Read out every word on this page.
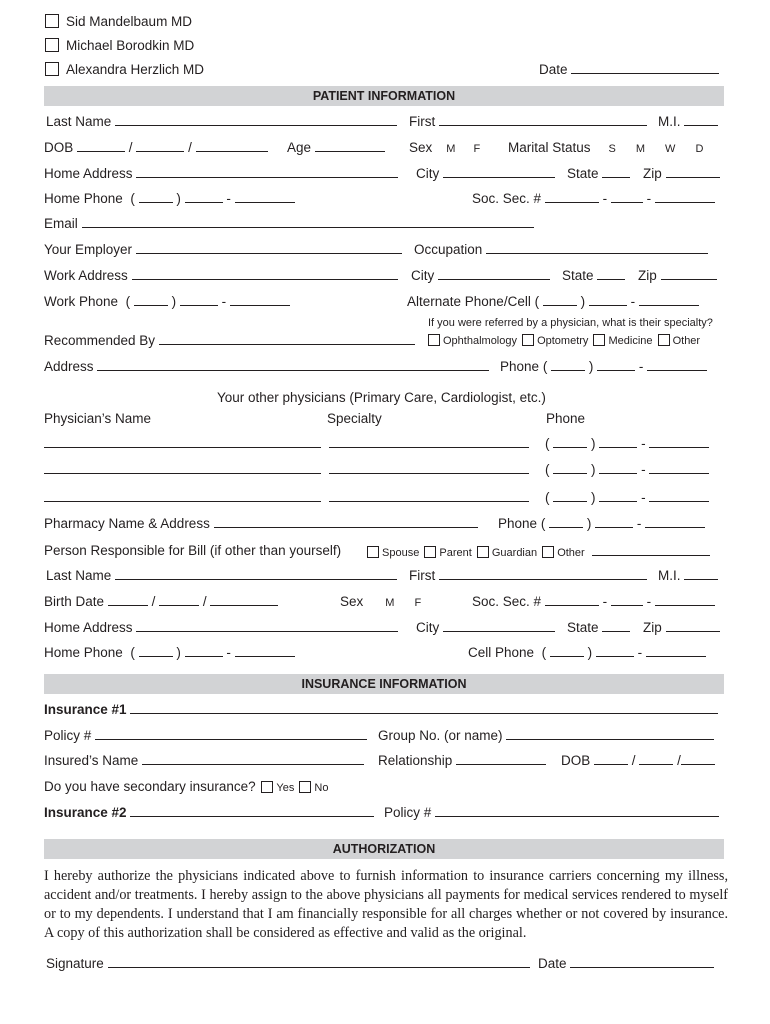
Sid Mandelbaum MD
Michael Borodkin MD
Alexandra Herzlich MD	Date
PATIENT INFORMATION
Last Name	First	M.I.
DOB	/	/	Age	Sex M F Marital Status S M W D
Home Address	City	State	Zip
Home Phone (	)	-	Soc. Sec. #	-	-
Email
Your Employer	Occupation
Work Address	City	State	Zip
Work Phone (	)	-	Alternate Phone/Cell (	)	-
If you were referred by a physician, what is their specialty?
Recommended By	Ophthalmology Optometry Medicine Other
Address	Phone (	)	-
Your other physicians (Primary Care, Cardiologist, etc.)
Physician’s Name	Specialty	Phone
(	)	-
(	)	-
(	)	-
Pharmacy Name & Address	Phone (	)	-
Person Responsible for Bill (if other than yourself)	Spouse Parent Guardian Other
Last Name	First	M.I.
Birth Date	/	/	Sex M F	Soc. Sec. #	-	-
Home Address	City	State	Zip
Home Phone (	)	-	Cell Phone (	)	-
INSURANCE INFORMATION
Insurance #1
Policy #	Group No. (or name)
Insured’s Name	Relationship	DOB	/	/
Do you have secondary insurance? Yes No
Insurance #2	Policy #
AUTHORIZATION
I hereby authorize the physicians indicated above to furnish information to insurance carriers concerning my illness, accident and/or treatments. I hereby assign to the above physicians all payments for medical services rendered to myself or to my dependents. I understand that I am financially responsible for all charges whether or not covered by insurance. A copy of this authorization shall be considered as effective and valid as the original.
Signature	Date
